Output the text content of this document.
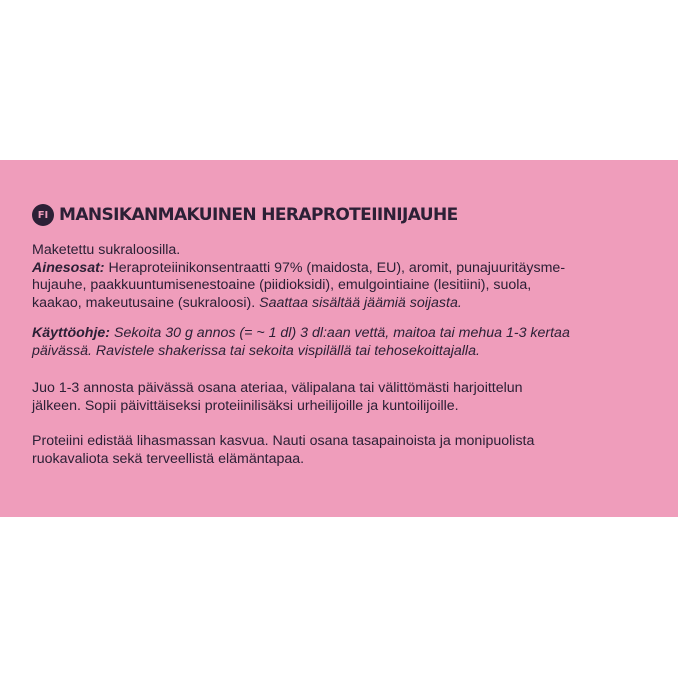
FI MANSIKANMAKUINEN HERAPROTEIINIJAUHE
Maketettu sukraloosilla.
Ainesosat: Heraproteiinikonsentraatti 97% (maidosta, EU), aromit, punajuuritäysme-
hujauhe, paakkuuntumisenestoaine (piidioksidi), emulgointiaine (lesitiini), suola,
kaakao, makeutusaine (sukraloosi). Saattaa sisältää jäämiä soijasta.
Käyttöohje: Sekoita 30 g annos (= ~ 1 dl) 3 dl:aan vettä, maitoa tai mehua 1-3 kertaa
päivässä. Ravistele shakerissa tai sekoita vispilällä tai tehosekoittajalla.
Juo 1-3 annosta päivässä osana ateriaa, välipalana tai välittömästi harjoittelun
jälkeen. Sopii päivittäiseksi proteiinilisäksi urheilijoille ja kuntoilijoille.
Proteiini edistää lihasmassan kasvua. Nauti osana tasapainoista ja monipuolista
ruokavaliota sekä terveellistä elämäntapaa.
